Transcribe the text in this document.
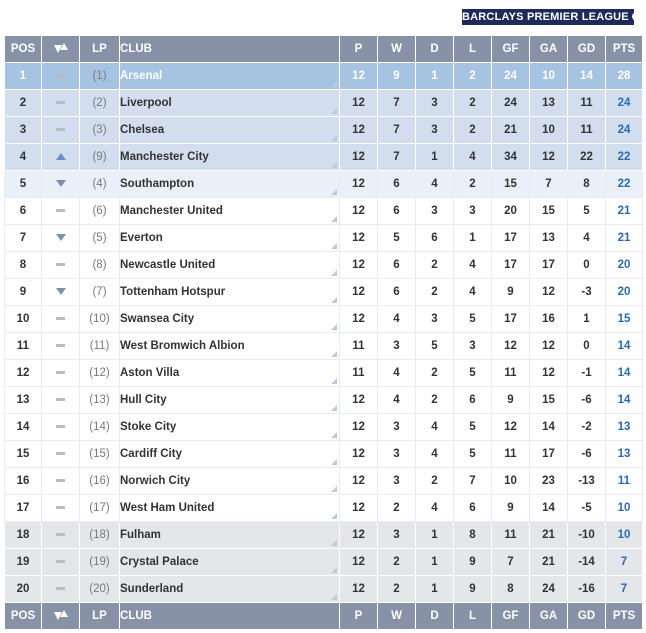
BARCLAYS PREMIER LEAGUE
POS		LP	CLUB	P	W	D	L	GF	GA	GD	PTS
1		(1)	Arsenal	12	9	1	2	24	10	14	28
2		(2)	Liverpool	12	7	3	2	24	13	11	24
3		(3)	Chelsea	12	7	3	2	21	10	11	24
4		(9)	Manchester City	12	7	1	4	34	12	22	22
5		(4)	Southampton	12	6	4	2	15	7	8	22
6		(6)	Manchester United	12	6	3	3	20	15	5	21
7		(5)	Everton	12	5	6	1	17	13	4	21
8		(8)	Newcastle United	12	6	2	4	17	17	0	20
9		(7)	Tottenham Hotspur	12	6	2	4	9	12	-3	20
10		(10)	Swansea City	12	4	3	5	17	16	1	15
11		(11)	West Bromwich Albion	11	3	5	3	12	12	0	14
12		(12)	Aston Villa	11	4	2	5	11	12	-1	14
13		(13)	Hull City	12	4	2	6	9	15	-6	14
14		(14)	Stoke City	12	3	4	5	12	14	-2	13
15		(15)	Cardiff City	12	3	4	5	11	17	-6	13
16		(16)	Norwich City	12	3	2	7	10	23	-13	11
17		(17)	West Ham United	12	2	4	6	9	14	-5	10
18		(18)	Fulham	12	3	1	8	11	21	-10	10
19		(19)	Crystal Palace	12	2	1	9	7	21	-14	7
20		(20)	Sunderland	12	2	1	9	8	24	-16	7
POS		LP	CLUB	P	W	D	L	GF	GA	GD	PTS
